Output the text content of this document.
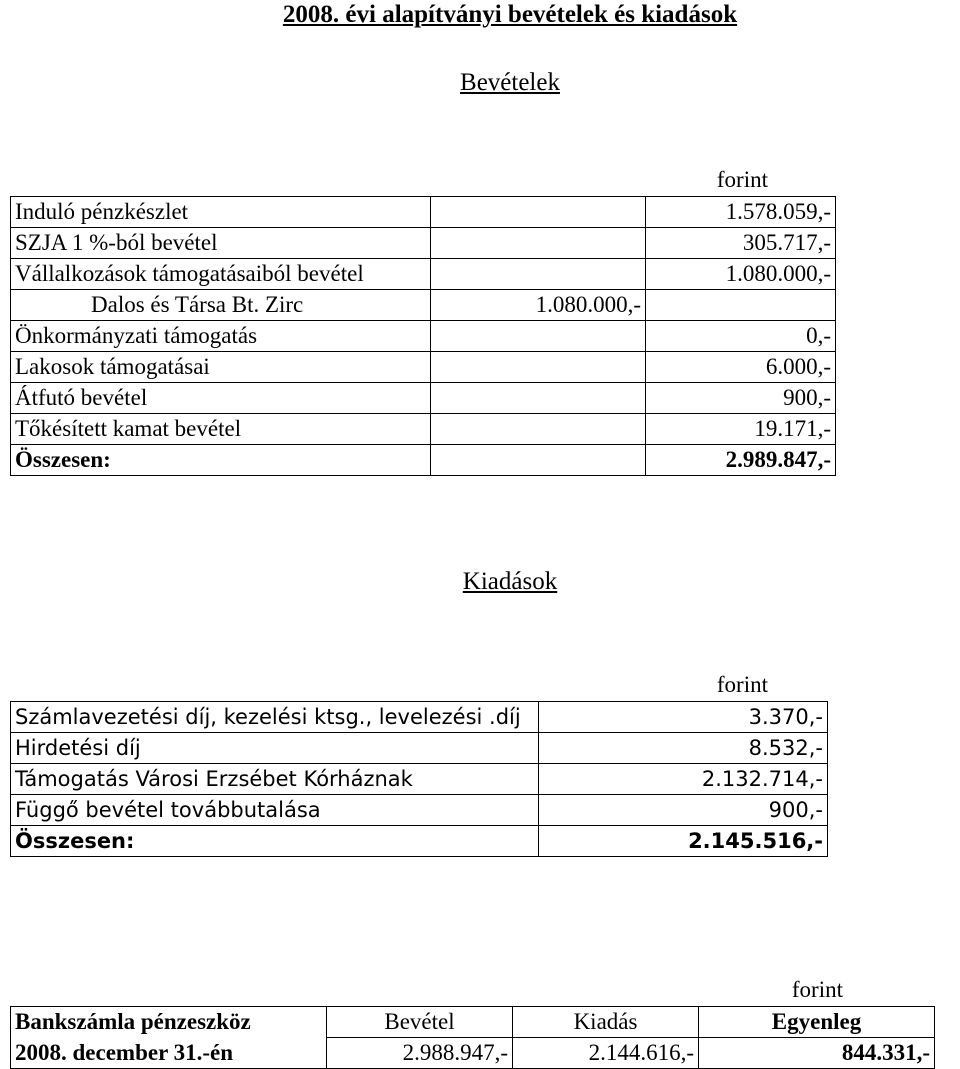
2008. évi alapítványi bevételek és kiadások
Bevételek
forint
Induló pénzkészlet		1.578.059,-
SZJA 1 %-ból bevétel		305.717,-
Vállalkozások támogatásaiból bevétel		1.080.000,-
Dalos és Társa Bt. Zirc	1.080.000,-	
Önkormányzati támogatás		0,-
Lakosok támogatásai		6.000,-
Átfutó bevétel		900,-
Tőkésített kamat bevétel		19.171,-
Összesen:		2.989.847,-
Kiadások
forint
Számlavezetési díj, kezelési ktsg., levelezési .díj	3.370,-
Hirdetési díj	8.532,-
Támogatás Városi Erzsébet Kórháznak	2.132.714,-
Függő bevétel továbbutalása	900,-
Összesen:	2.145.516,-
forint
Bankszámla pénzeszköz	Bevétel	Kiadás	Egyenleg
2008. december 31.-én	2.988.947,-	2.144.616,-	844.331,-
